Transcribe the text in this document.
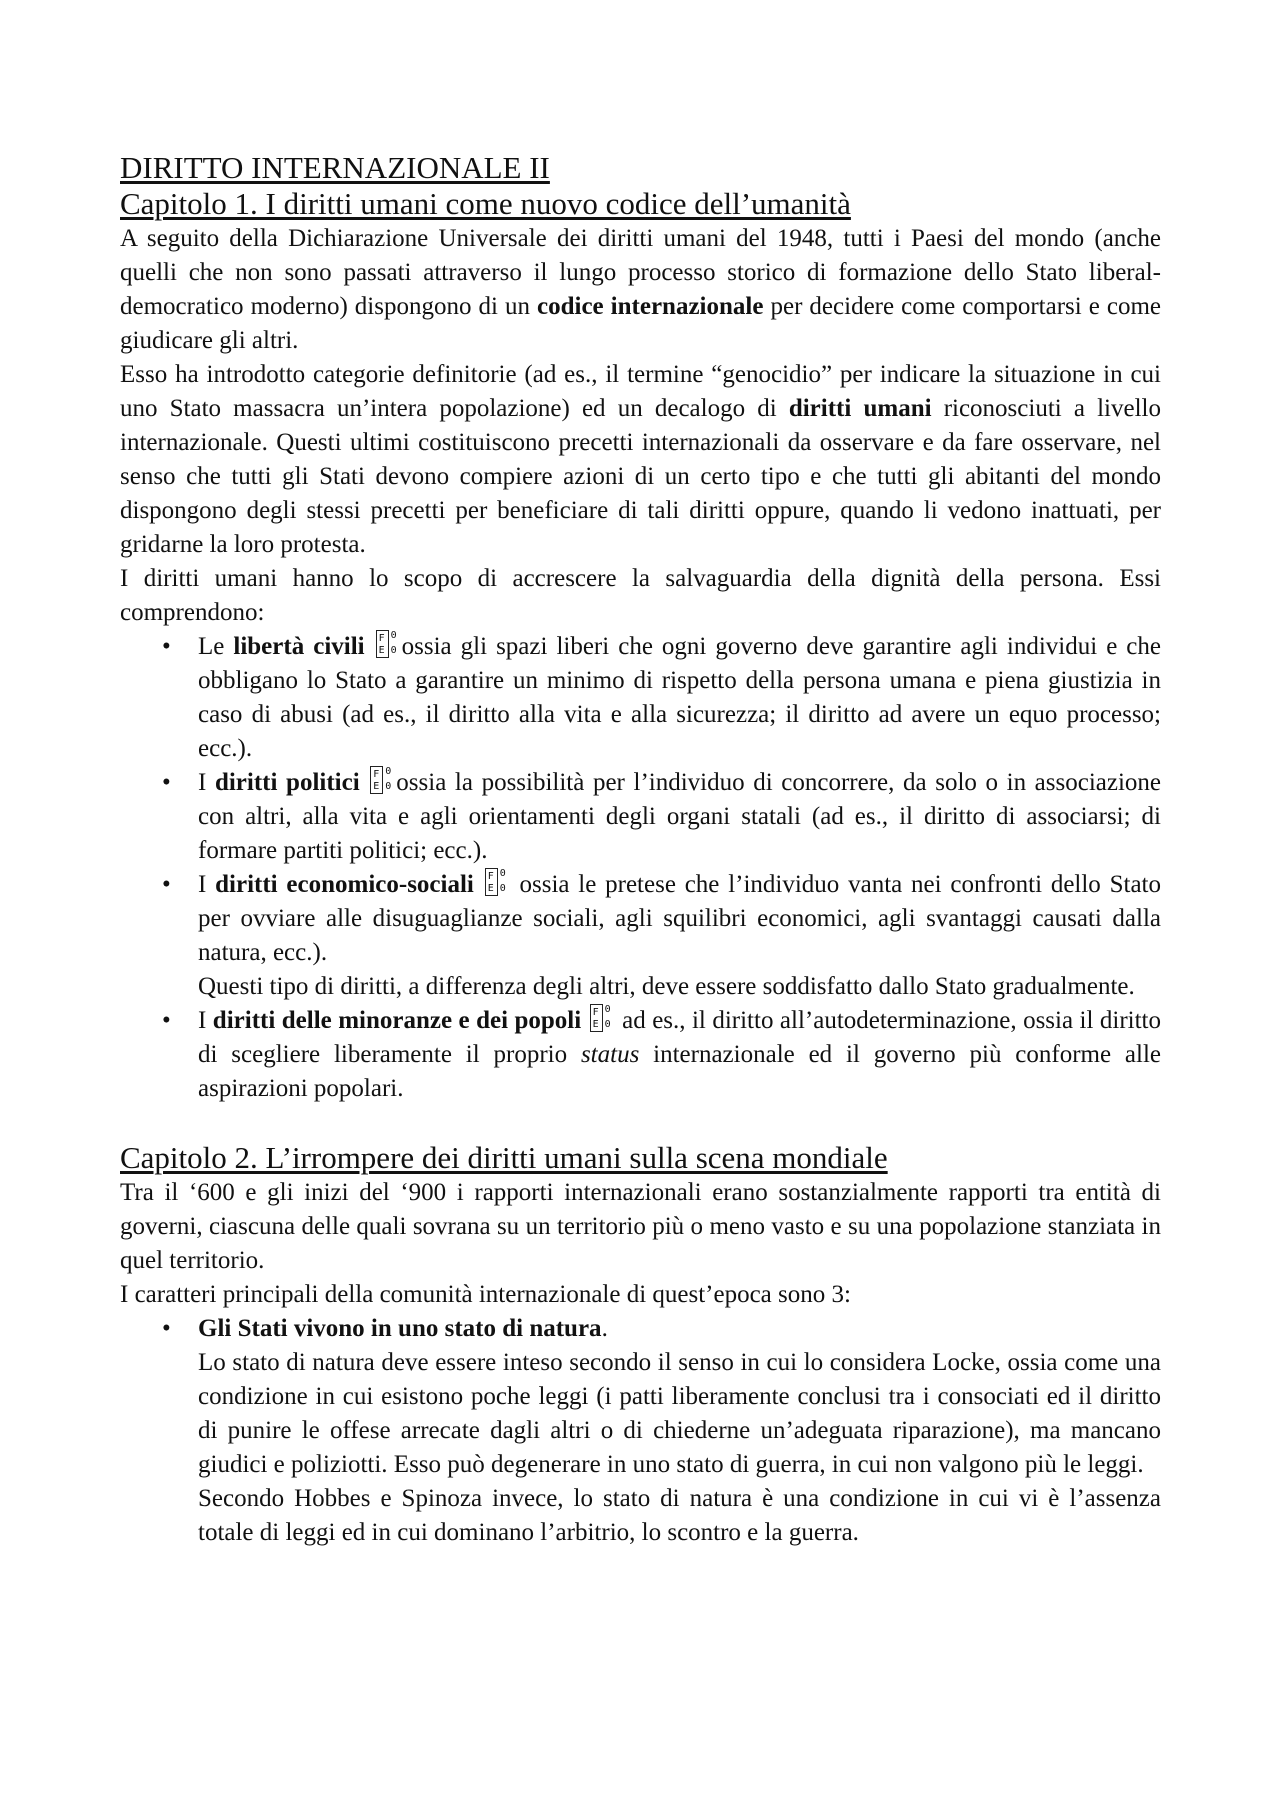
DIRITTO INTERNAZIONALE II
Capitolo 1. I diritti umani come nuovo codice dell’umanità

A seguito della Dichiarazione Universale dei diritti umani del 1948, tutti i Paesi del mondo (anche quelli che non sono passati attraverso il lungo processo storico di formazione dello Stato liberal-democratico moderno) dispongono di un codice internazionale per decidere come comportarsi e come giudicare gli altri.

Esso ha introdotto categorie definitorie (ad es., il termine “genocidio” per indicare la situazione in cui uno Stato massacra un’intera popolazione) ed un decalogo di diritti umani riconosciuti a livello internazionale. Questi ultimi costituiscono precetti internazionali da osservare e da fare osservare, nel senso che tutti gli Stati devono compiere azioni di un certo tipo e che tutti gli abitanti del mondo dispongono degli stessi precetti per beneficiare di tali diritti oppure, quando li vedono inattuati, per gridarne la loro protesta.

I diritti umani hanno lo scopo di accrescere la salvaguardia della dignità della persona. Essi comprendono:

• Le libertà civili F
E
0
0 ossia gli spazi liberi che ogni governo deve garantire agli individui e che obbligano lo Stato a garantire un minimo di rispetto della persona umana e piena giustizia in caso di abusi (ad es., il diritto alla vita e alla sicurezza; il diritto ad avere un equo processo; ecc.).
• I diritti politici F
E
0
0 ossia la possibilità per l’individuo di concorrere, da solo o in associazione con altri, alla vita e agli orientamenti degli organi statali (ad es., il diritto di associarsi; di formare partiti politici; ecc.).
• I diritti economico-sociali F
E
0
0 ossia le pretese che l’individuo vanta nei confronti dello Stato per ovviare alle disuguaglianze sociali, agli squilibri economici, agli svantaggi causati dalla natura, ecc.).
Questi tipo di diritti, a differenza degli altri, deve essere soddisfatto dallo Stato gradualmente.
• I diritti delle minoranze e dei popoli F
E
0
0 ad es., il diritto all’autodeterminazione, ossia il diritto di scegliere liberamente il proprio status internazionale ed il governo più conforme alle aspirazioni popolari.
Capitolo 2. L’irrompere dei diritti umani sulla scena mondiale

Tra il ‘600 e gli inizi del ‘900 i rapporti internazionali erano sostanzialmente rapporti tra entità di governi, ciascuna delle quali sovrana su un territorio più o meno vasto e su una popolazione stanziata in quel territorio.

I caratteri principali della comunità internazionale di quest’epoca sono 3:

• Gli Stati vivono in uno stato di natura.
Lo stato di natura deve essere inteso secondo il senso in cui lo considera Locke, ossia come una condizione in cui esistono poche leggi (i patti liberamente conclusi tra i consociati ed il diritto di punire le offese arrecate dagli altri o di chiederne un’adeguata riparazione), ma mancano giudici e poliziotti. Esso può degenerare in uno stato di guerra, in cui non valgono più le leggi.
Secondo Hobbes e Spinoza invece, lo stato di natura è una condizione in cui vi è l’assenza totale di leggi ed in cui dominano l’arbitrio, lo scontro e la guerra.
